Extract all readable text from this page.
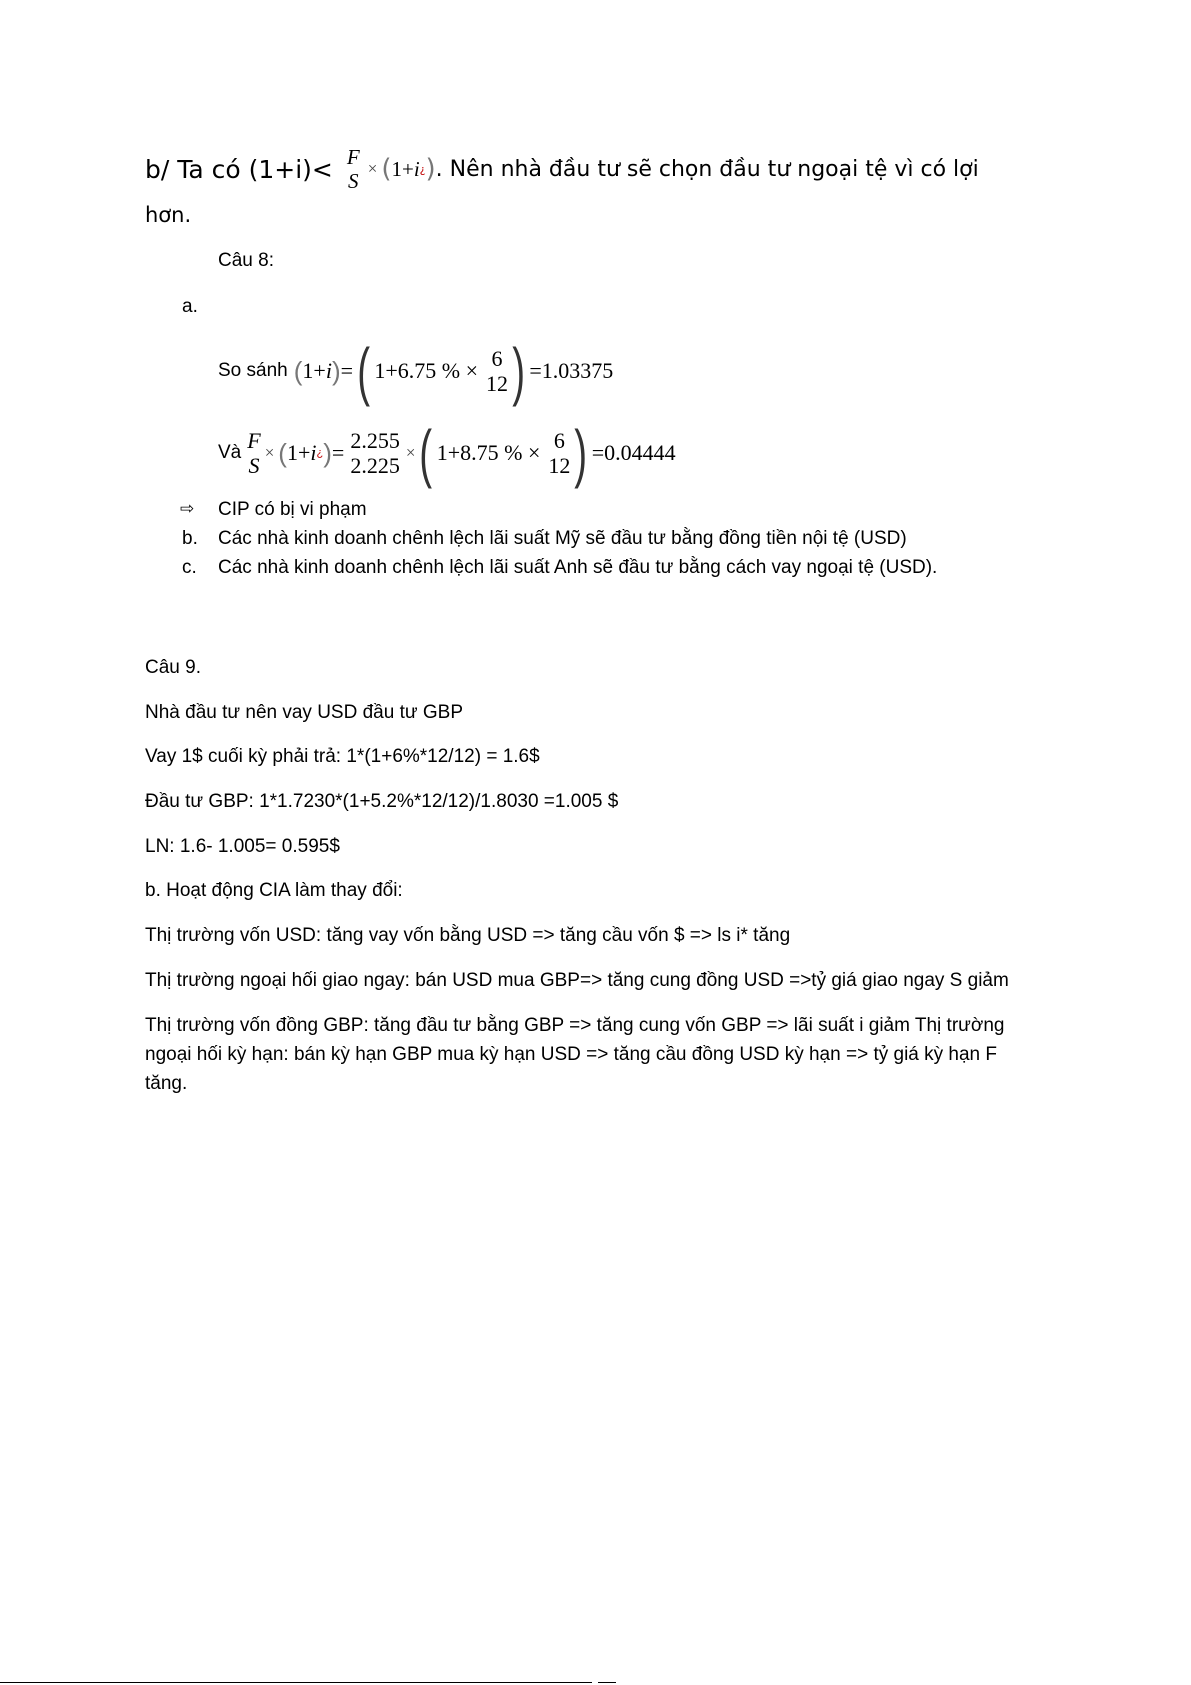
b/ Ta có (1+i)< F
S
× ( 1+ i ¿ ) . Nên nhà đầu tư sẽ chọn đầu tư ngoại tệ vì có lợi
hơn.
Câu 8:
a.
So sánh ( 1+ i ) = ( 1+6.75 % × 6
12 ) =1.03375
Và F
S
× ( 1+ i ¿ ) = 2.255
2.225
× ( 1+8.75 % × 6
12 ) =0.04444
⇨ CIP có bị vi phạm
b. Các nhà kinh doanh chênh lệch lãi suất Mỹ sẽ đầu tư bằng đồng tiền nội tệ (USD)
c. Các nhà kinh doanh chênh lệch lãi suất Anh sẽ đầu tư bằng cách vay ngoại tệ (USD).
Câu 9.
Nhà đầu tư nên vay USD đầu tư GBP
Vay 1$ cuối kỳ phải trả: 1*(1+6%*12/12) = 1.6$
Đầu tư GBP: 1*1.7230*(1+5.2%*12/12)/1.8030 =1.005 $
LN: 1.6- 1.005= 0.595$
b. Hoạt động CIA làm thay đổi:
Thị trường vốn USD: tăng vay vốn bằng USD => tăng cầu vốn $ => ls i* tăng
Thị trường ngoại hối giao ngay: bán USD mua GBP=> tăng cung đồng USD =>tỷ giá giao ngay S giảm
Thị trường vốn đồng GBP: tăng đầu tư bằng GBP => tăng cung vốn GBP => lãi suất i giảm Thị trường
ngoại hối kỳ hạn: bán kỳ hạn GBP mua kỳ hạn USD => tăng cầu đồng USD kỳ hạn => tỷ giá kỳ hạn F
tăng.
